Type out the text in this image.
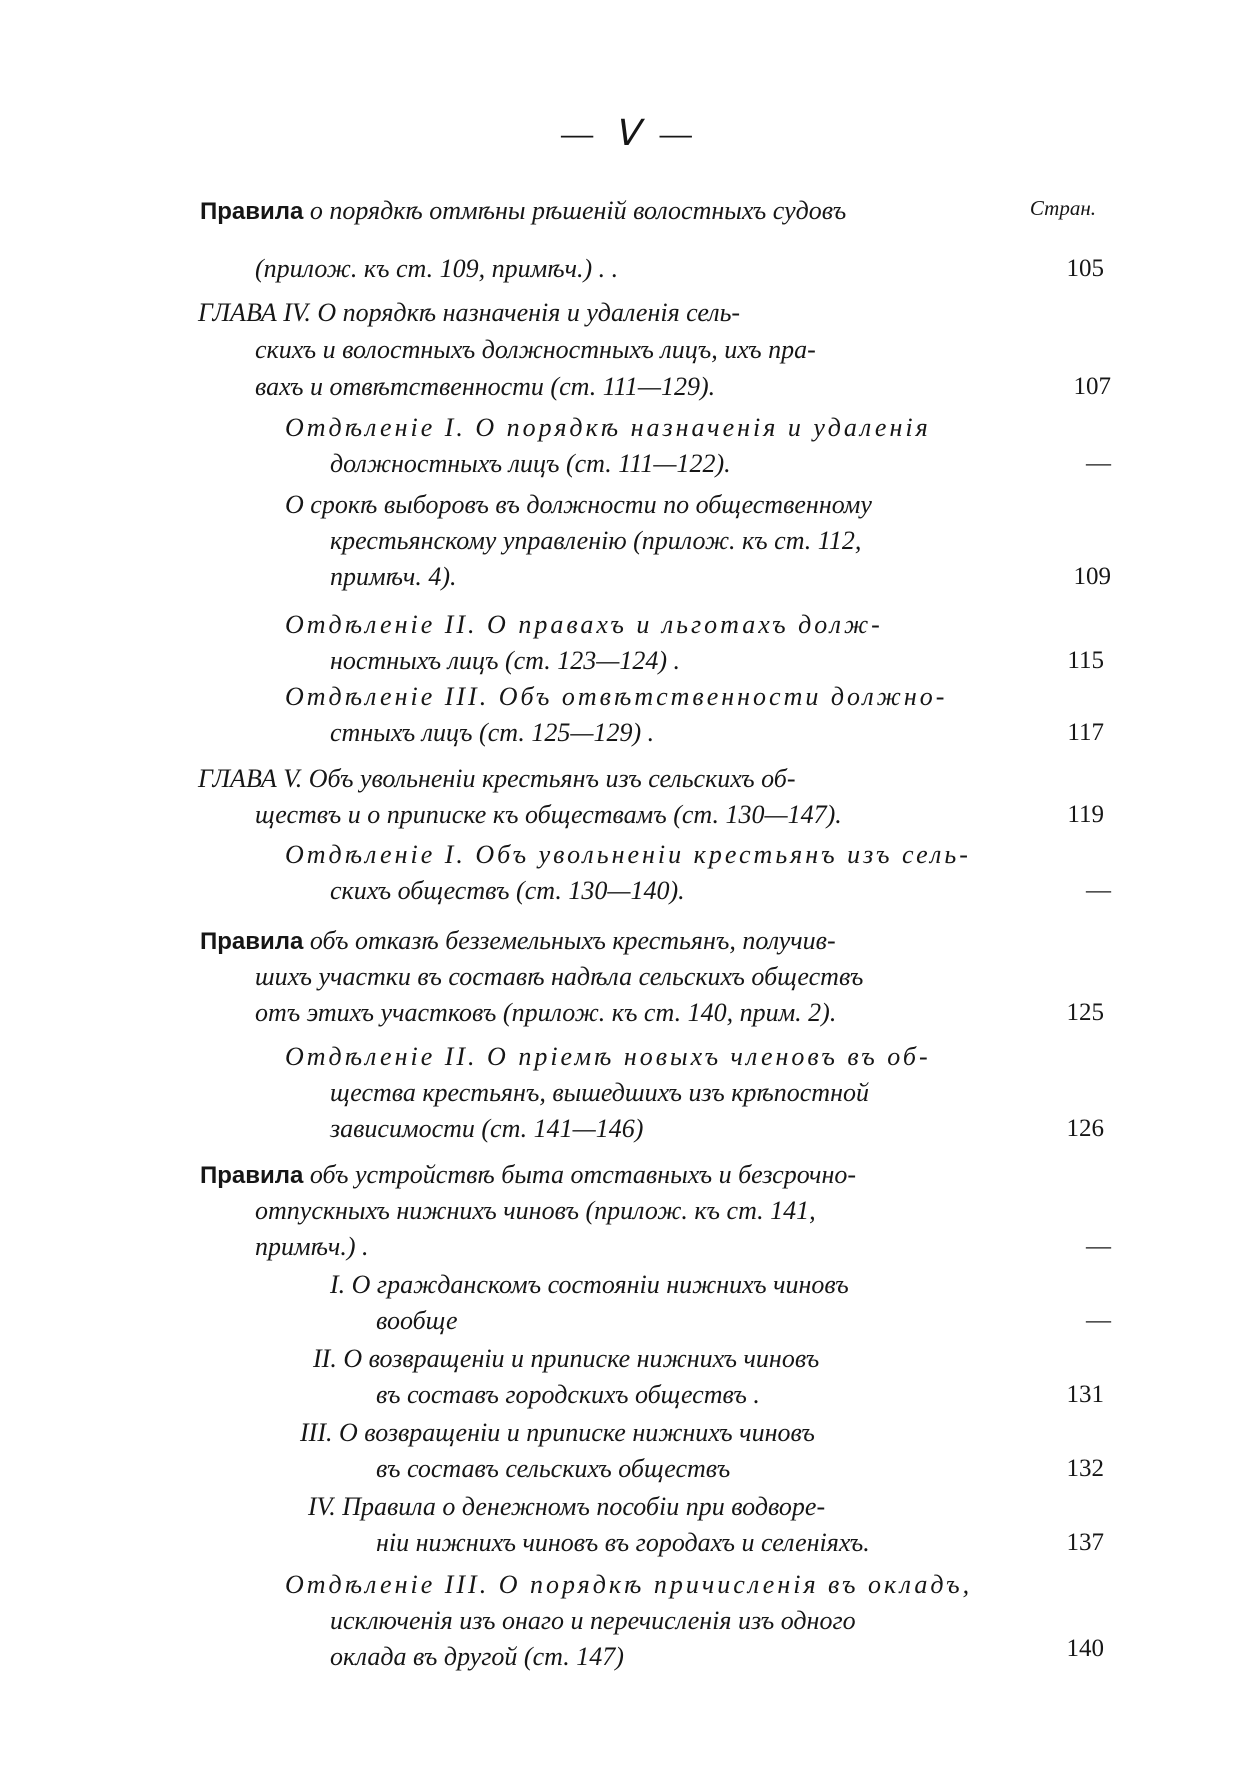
— Ⅴ —
Стран.
Правила о порядкѣ отмѣны рѣшенiй волостныхъ судовъ
(прилож. къ ст. 109, примѣч.) . .	105
ГЛАВА IV. О порядкѣ назначенiя и удаленiя сель-
скихъ и волостныхъ должностныхъ лицъ, ихъ пра-
вахъ и отвѣтственности (ст. 111—129).	107
Отдѣленiе I. О порядкѣ назначенiя и удаленiя
должностныхъ лицъ (ст. 111—122).	—
О срокѣ выборовъ въ должности по общественному
крестьянскому управленiю (прилож. къ ст. 112,
примѣч. 4).	109
Отдѣленiе II. О правахъ и льготахъ долж-
ностныхъ лицъ (ст. 123—124) .	115
Отдѣленiе III. Объ отвѣтственности должно-
стныхъ лицъ (ст. 125—129) .	117
ГЛАВА V. Объ увольненiи крестьянъ изъ сельскихъ об-
ществъ и о приписке къ обществамъ (ст. 130—147).	119
Отдѣленiе I. Объ увольненiи крестьянъ изъ сель-
скихъ обществъ (ст. 130—140).	—
Правила объ отказѣ безземельныхъ крестьянъ, получив-
шихъ участки въ составѣ надѣла сельскихъ обществъ
отъ этихъ участковъ (прилож. къ ст. 140, прим. 2).	125
Отдѣленiе II. О прiемѣ новыхъ членовъ въ об-
щества крестьянъ, вышедшихъ изъ крѣпостной
зависимости (ст. 141—146)	126
Правила объ устройствѣ быта отставныхъ и безсрочно-
отпускныхъ нижнихъ чиновъ (прилож. къ ст. 141,
примѣч.) .	—
I. О гражданскомъ состоянiи нижнихъ чиновъ
вообще	—
II. О возвращенiи и приписке нижнихъ чиновъ
въ составъ городскихъ обществъ .	131
III. О возвращенiи и приписке нижнихъ чиновъ
въ составъ сельскихъ обществъ	132
IV. Правила о денежномъ пособiи при водворе-
нiи нижнихъ чиновъ въ городахъ и селенiяхъ.	137
Отдѣленiе III. О порядкѣ причисленiя въ окладъ,
исключенiя изъ онаго и перечисленiя изъ одного
оклада въ другой (ст. 147)	140
